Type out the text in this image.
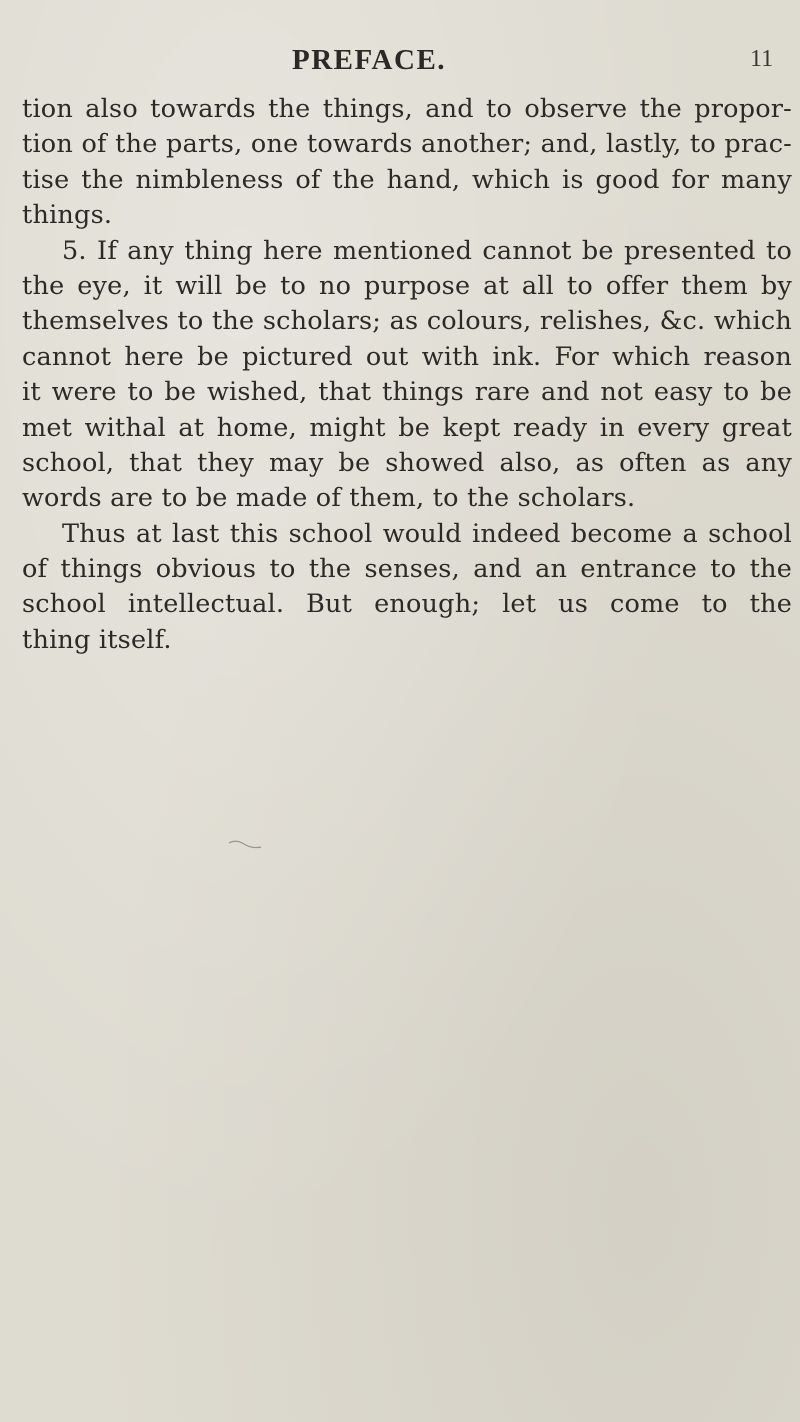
PREFACE.	11
tion also towards the things, and to observe the propor-
tion of the parts, one towards another; and, lastly, to prac-
tise the nimbleness of the hand, which is good for many
things.
5. If any thing here mentioned cannot be presented to
the eye, it will be to no purpose at all to offer them by
themselves to the scholars; as colours, relishes, &c. which
cannot here be pictured out with ink. For which reason
it were to be wished, that things rare and not easy to be
met withal at home, might be kept ready in every great
school, that they may be showed also, as often as any
words are to be made of them, to the scholars.
Thus at last this school would indeed become a school
of things obvious to the senses, and an entrance to the
school intellectual. But enough; let us come to the
thing itself.
